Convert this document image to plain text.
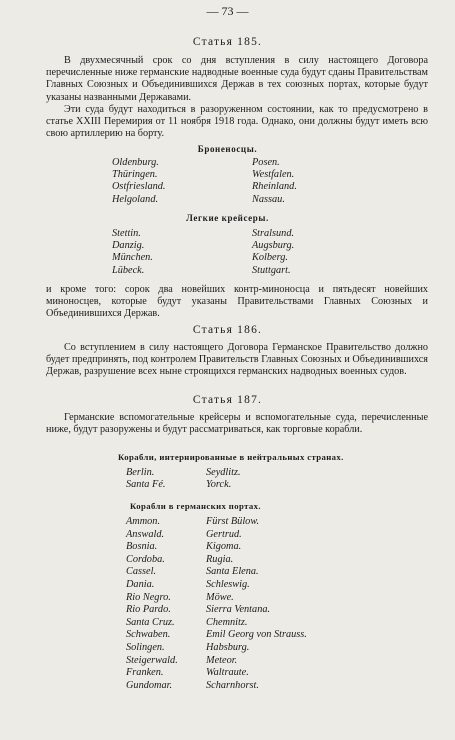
— 73 —
Статья 185.
В двухмесячный срок со дня вступления в силу настоящего Договора перечисленные ниже германские надводные военные суда будут сданы Правительствам Главных Союзных и Объединившихся Держав в тех союзных портах, которые будут указаны названными Державами.
Эти суда будут находиться в разоруженном состоянии, как то предусмотрено в статье XXIII Перемирия от 11 ноября 1918 года. Однако, они должны будут иметь всю свою артиллерию на борту.
Броненосцы.
Oldenburg.
Thüringen.
Ostfriesland.
Helgoland.
Posen.
Westfalen.
Rheinland.
Nassau.
Легкие крейсеры.
Stettin.
Danzig.
München.
Lübeck.
Stralsund.
Augsburg.
Kolberg.
Stuttgart.
и кроме того: сорок два новейших контр-миноносца и пятьдесят новейших миноносцев, которые будут указаны Правительствами Главных Союзных и Объединившихся Держав.
Статья 186.
Со вступлением в силу настоящего Договора Германское Правительство должно будет предпринять, под контролем Правительств Главных Союзных и Объединившихся Держав, разрушение всех ныне строящихся германских надводных военных судов.
Статья 187.
Германские вспомогательные крейсеры и вспомогательные суда, перечисленные ниже, будут разоружены и будут рассматриваться, как торговые корабли.
Корабли, интернированные в нейтральных странах.
Berlin.
Santa Fé.
Seydlitz.
Yorck.
Корабли в германских портах.
Ammon.
Answald.
Bosnia.
Cordoba.
Cassel.
Dania.
Rio Negro.
Rio Pardo.
Santa Cruz.
Schwaben.
Solingen.
Steigerwald.
Franken.
Gundomar.
Fürst Bülow.
Gertrud.
Kigoma.
Rugia.
Santa Elena.
Schleswig.
Möwe.
Sierra Ventana.
Chemnitz.
Emil Georg von Strauss.
Habsburg.
Meteor.
Waltraute.
Scharnhorst.
